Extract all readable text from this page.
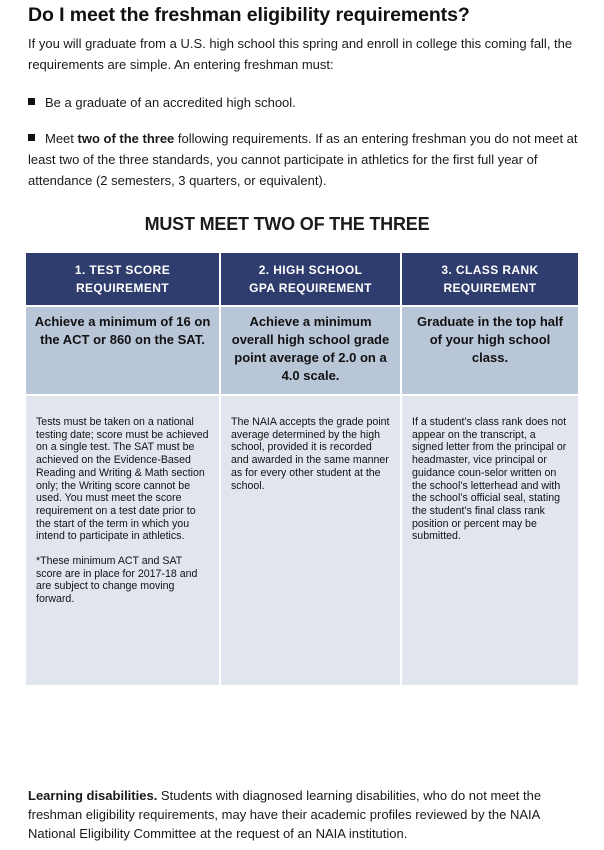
Do I meet the freshman eligibility requirements?

If you will graduate from a U.S. high school this spring and enroll in college this coming fall, the requirements are simple. An entering freshman must:

Be a graduate of an accredited high school.

Meet two of the three following requirements. If as an entering freshman you do not meet at least two of the three standards, you cannot participate in athletics for the first full year of attendance (2 semesters, 3 quarters, or equivalent).

MUST MEET TWO OF THE THREE
1. TEST SCORE
REQUIREMENT
Achieve a minimum of 16 on the ACT or 860 on the SAT.

Tests must be taken on a national testing date; score must be achieved on a single test. The SAT must be achieved on the Evidence-Based Reading and Writing & Math section only; the Writing score cannot be used. You must meet the score requirement on a test date prior to the start of the term in which you intend to participate in athletics.

*These minimum ACT and SAT score are in place for 2017-18 and are subject to change moving forward.

2. HIGH SCHOOL
GPA REQUIREMENT
Achieve a minimum overall high school grade point average of 2.0 on a 4.0 scale.

The NAIA accepts the grade point average determined by the high school, provided it is recorded and awarded in the same manner as for every other student at the school.

3. CLASS RANK
REQUIREMENT
Graduate in the top half of your high school class.

If a student’s class rank does not appear on the transcript, a signed letter from the principal or headmaster, vice principal or guidance coun-selor written on the school’s letterhead and with the school’s official seal, stating the student’s final class rank position or percent may be submitted.

Learning disabilities. Students with diagnosed learning disabilities, who do not meet the freshman eligibility requirements, may have their academic profiles reviewed by the NAIA National Eligibility Committee at the request of an NAIA institution.
